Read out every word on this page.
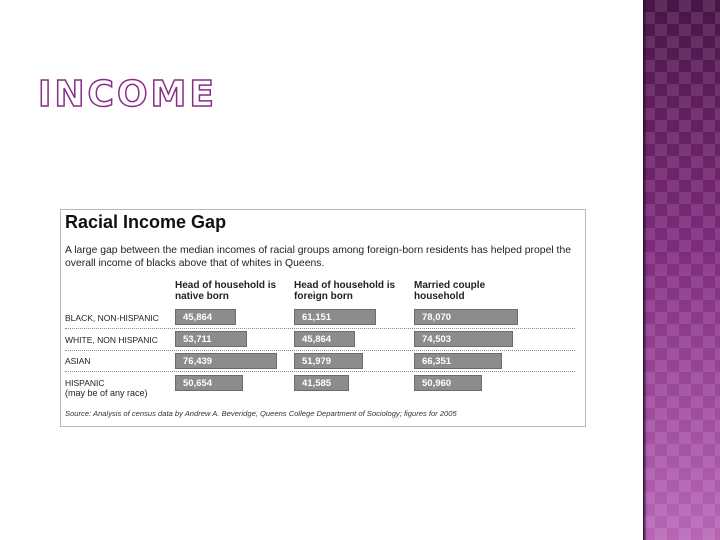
INCOME
Racial Income Gap
A large gap between the median incomes of racial groups among foreign-born residents has helped propel the overall income of blacks above that of whites in Queens.
Head of household is native born
Head of household is foreign born
Married couple household
BLACK, NON-HISPANIC
WHITE, NON HISPANIC
ASIAN
HISPANIC
(may be of any race)
Source: Analysis of census data by Andrew A. Beveridge, Queens College Department of Sociology; figures for 2005
45,864
53,711
76,439
50,654
61,151
45,864
51,979
41,585
78,070
74,503
66,351
50,960
